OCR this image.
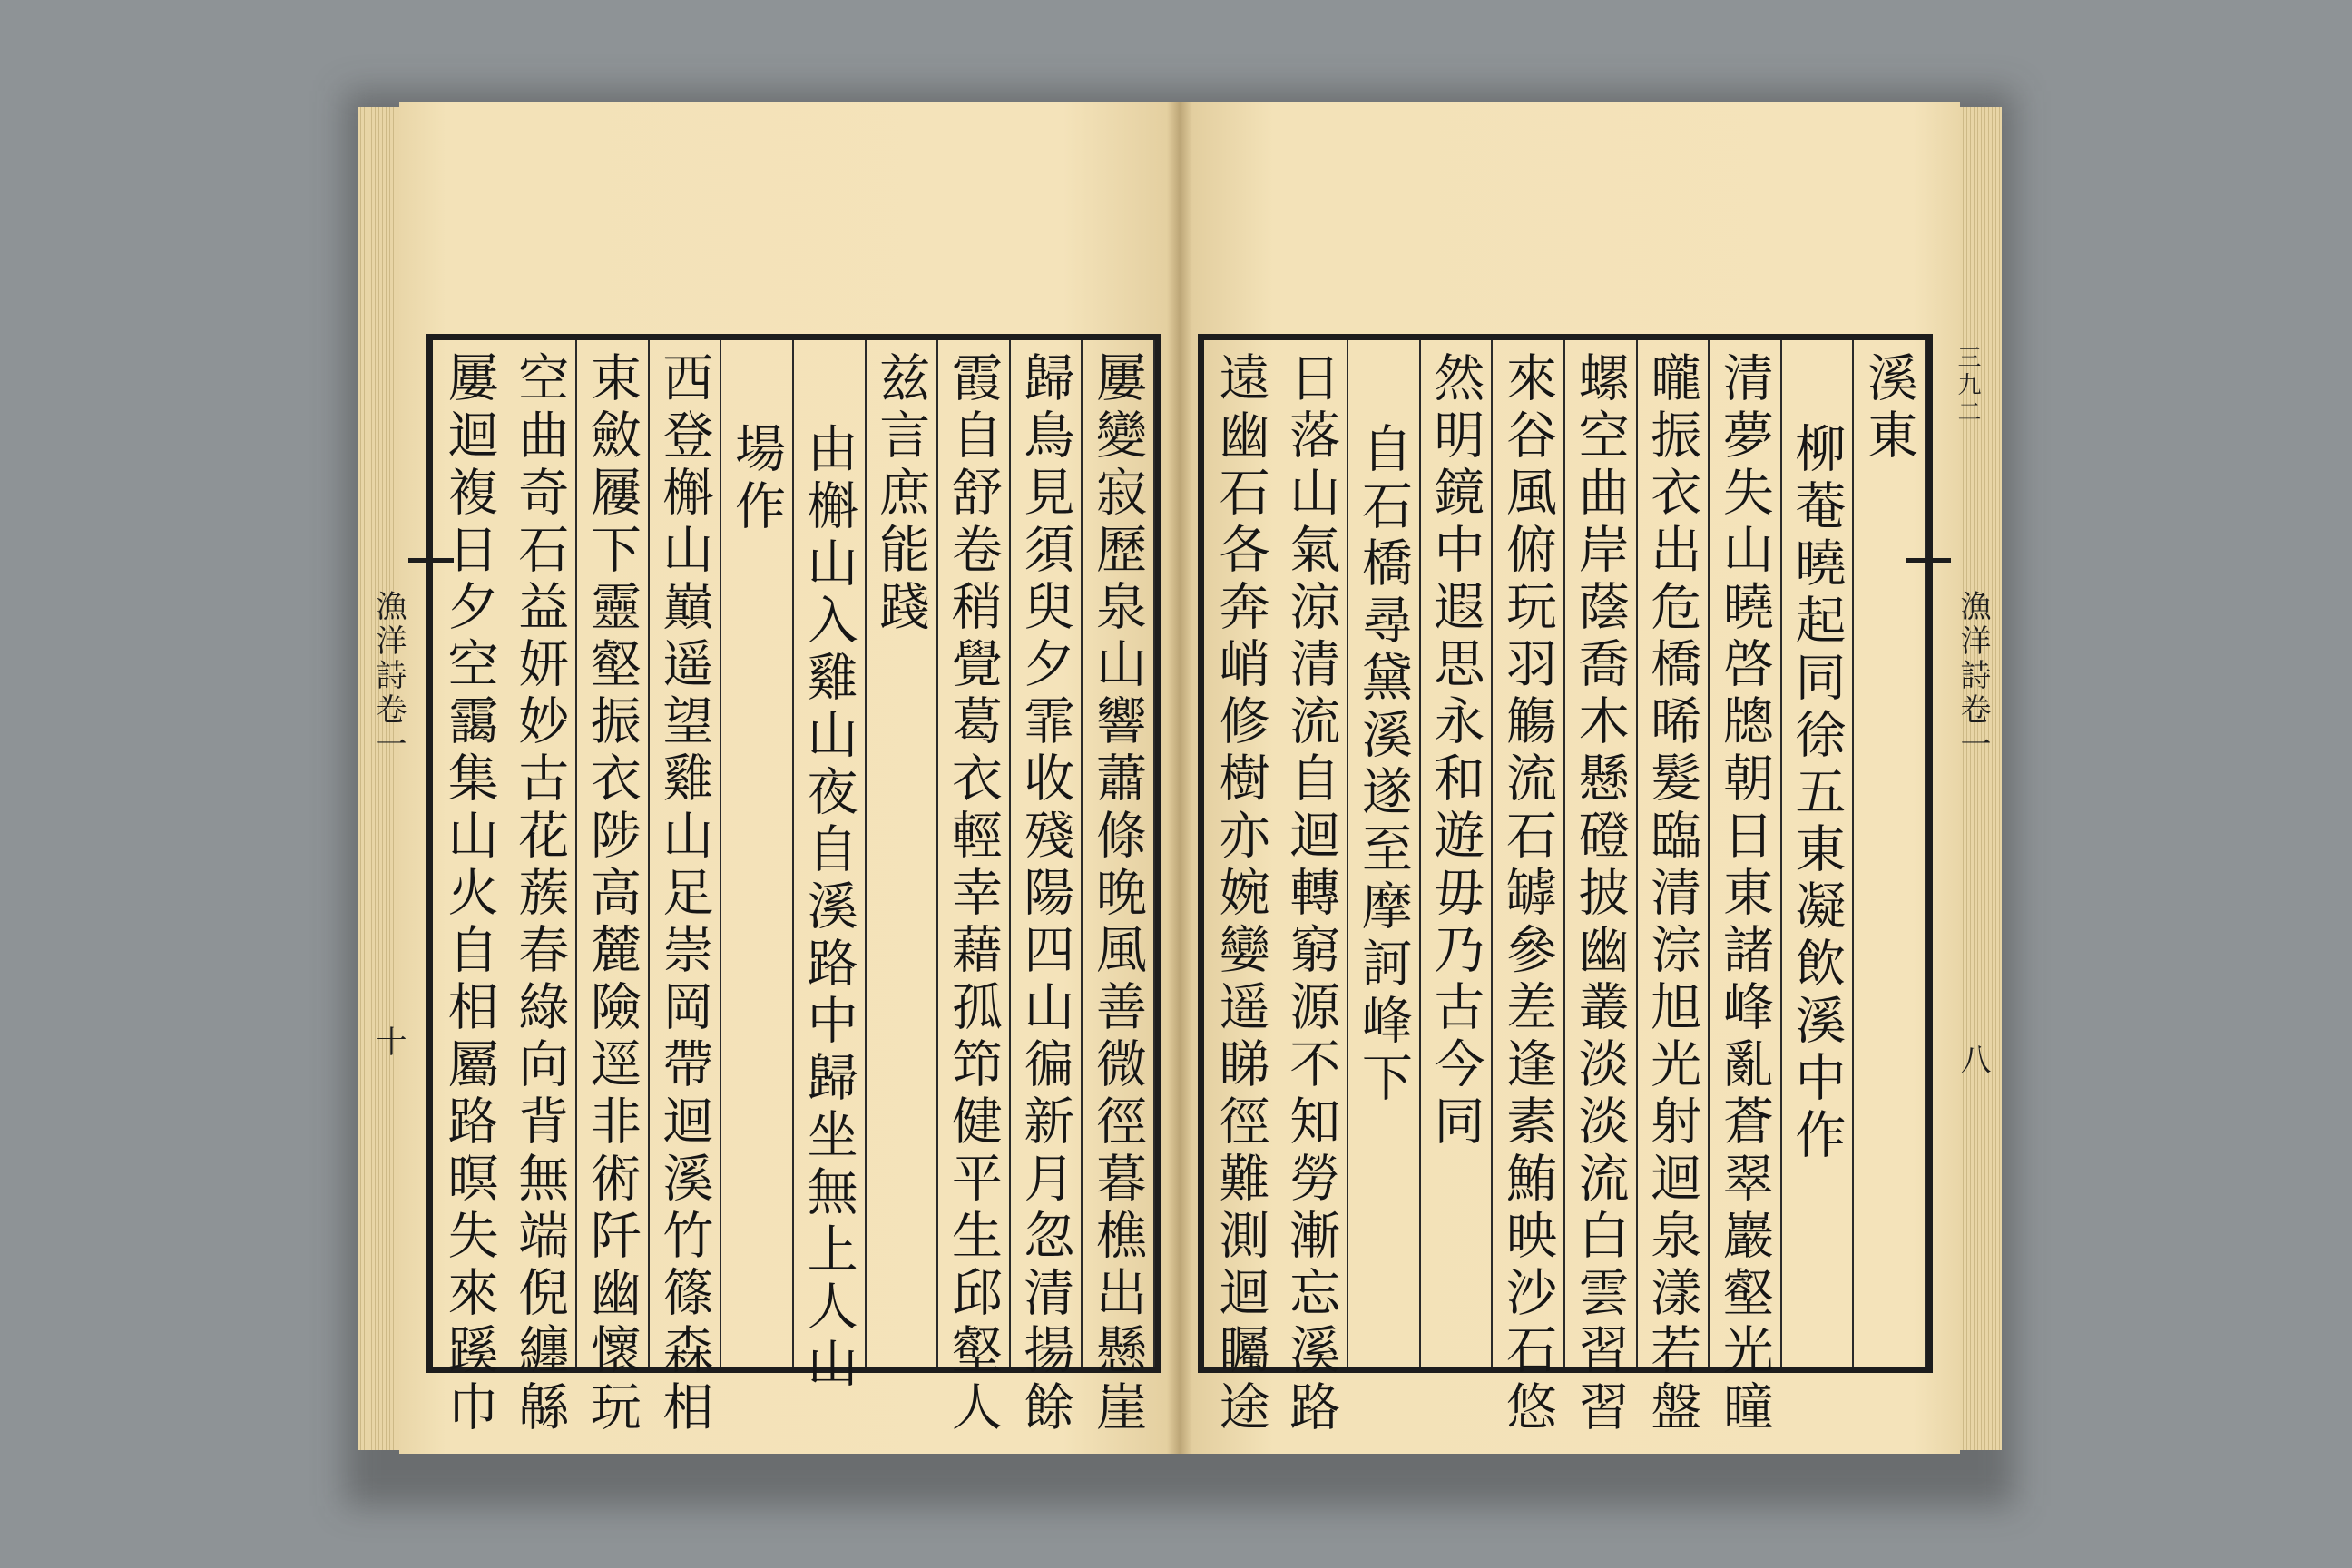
屢變寂歷泉山響蕭條晚風善微徑暮樵出懸崖
歸鳥見須臾夕霏收殘陽四山徧新月忽清揚餘
霞自舒卷稍覺葛衣輕幸藉孤笻健平生邱壑人
兹言庶能踐
由槲山入雞山夜自溪路中歸坐無上人山
場作
西登槲山巔遥望雞山足崇岡帶迴溪竹篠森相
束斂屨下靈壑振衣陟高麓險逕非術阡幽懷玩
空曲奇石益妍妙古花蔟春綠向背無端倪纏緜
屢迴複日夕空靄集山火自相屬路暝失來蹊巾
漁洋詩卷一
十
溪東
柳菴曉起同徐五東凝飲溪中作
清夢失山曉啓牕朝日東諸峰亂蒼翠巖壑光曈
曨振衣出危橋晞髮臨清淙旭光射迴泉漾若盤
螺空曲岸蔭喬木懸磴披幽叢淡淡流白雲習習
來谷風俯玩羽觴流石罅參差逢素鮪映沙石悠
然明鏡中遐思永和遊毋乃古今同
自石橋尋黛溪遂至摩訶峰下
日落山氣涼清流自迴轉窮源不知勞漸忘溪路
遠幽石各奔峭修樹亦婉孌遥睇徑難測迴矚途	三九二
漁洋詩卷一
八
